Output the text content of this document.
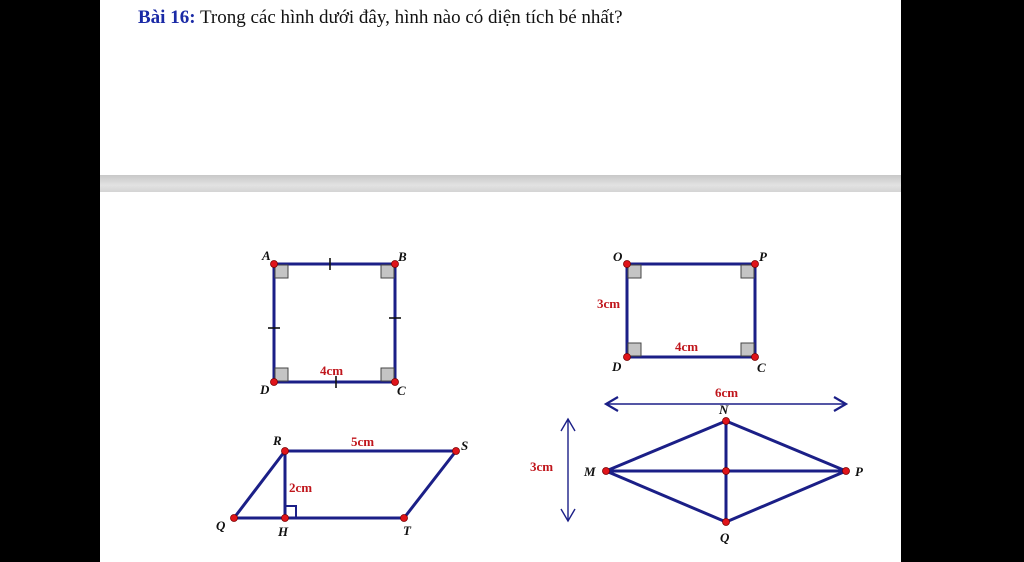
Bài 16: Trong các hình dưới đây, hình nào có diện tích bé nhất?
A	B
C
D
4cm
O	P
C
D
3cm
4cm
R	S
T
Q	H
5cm
2cm
6cm
3cm
N
P
Q
M
